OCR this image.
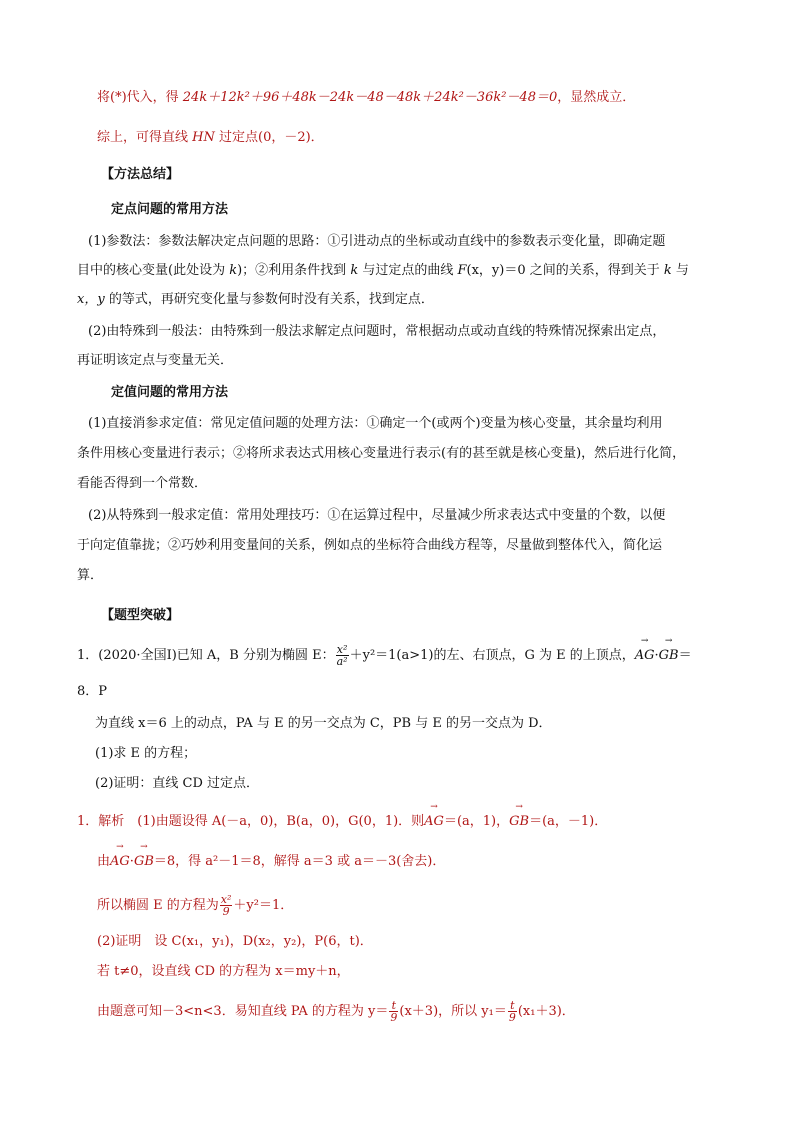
将(*)代入，得 24k＋12k²＋96＋48k－24k－48－48k＋24k²－36k²－48＝0，显然成立．
综上，可得直线 HN 过定点(0，－2)．
【方法总结】
定点问题的常用方法
(1)参数法：参数法解决定点问题的思路：①引进动点的坐标或动直线中的参数表示变化量，即确定题
目中的核心变量(此处设为 k)；②利用条件找到 k 与过定点的曲线 F(x，y)＝0 之间的关系，得到关于 k 与
x，y 的等式，再研究变化量与参数何时没有关系，找到定点．
(2)由特殊到一般法：由特殊到一般法求解定点问题时，常根据动点或动直线的特殊情况探索出定点，
再证明该定点与变量无关．
定值问题的常用方法
(1)直接消参求定值：常见定值问题的处理方法：①确定一个(或两个)变量为核心变量，其余量均利用
条件用核心变量进行表示；②将所求表达式用核心变量进行表示(有的甚至就是核心变量)，然后进行化简，
看能否得到一个常数．
(2)从特殊到一般求定值：常用处理技巧：①在运算过程中，尽量减少所求表达式中变量的个数，以便
于向定值靠拢；②巧妙利用变量间的关系，例如点的坐标符合曲线方程等，尽量做到整体代入，简化运
算．
【题型突破】
1．(2020·全国Ⅰ)已知 A，B 分别为椭圆 E： $\frac{\text{x²}}{\text{a²}} +y^2=1(a>1)$的左、右顶点，G 为 E 的上顶点，→ AG·→ GB＝
8．P
为直线 x＝6 上的动点，PA 与 E 的另一交点为 C，PB 与 E 的另一交点为 D．
(1)求 E 的方程；
(2)证明：直线 CD 过定点．
1．解析　(1)由题设得 A(－a，0)，B(a，0)，G(0，1)．则→ AG＝(a，1)，→ GB＝(a，－1)．
由→ AG·→ GB＝8，得 a²－1＝8，解得 a＝3 或 a＝－3(舍去)．
所以椭圆 E 的方程为 $\frac{\text{x²}}{9} +y^2=1$．
(2)证明　设 C(x₁，y₁)，D(x₂，y₂)，P(6，t)．
若 t≠0，设直线 CD 的方程为 x＝my＋n，
由题意可知－3<n<3．易知直线 PA 的方程为 $y= \frac{t}{9} (x+3)$，所以 $y_1= \frac{t}{9} (x_1+3)$．
